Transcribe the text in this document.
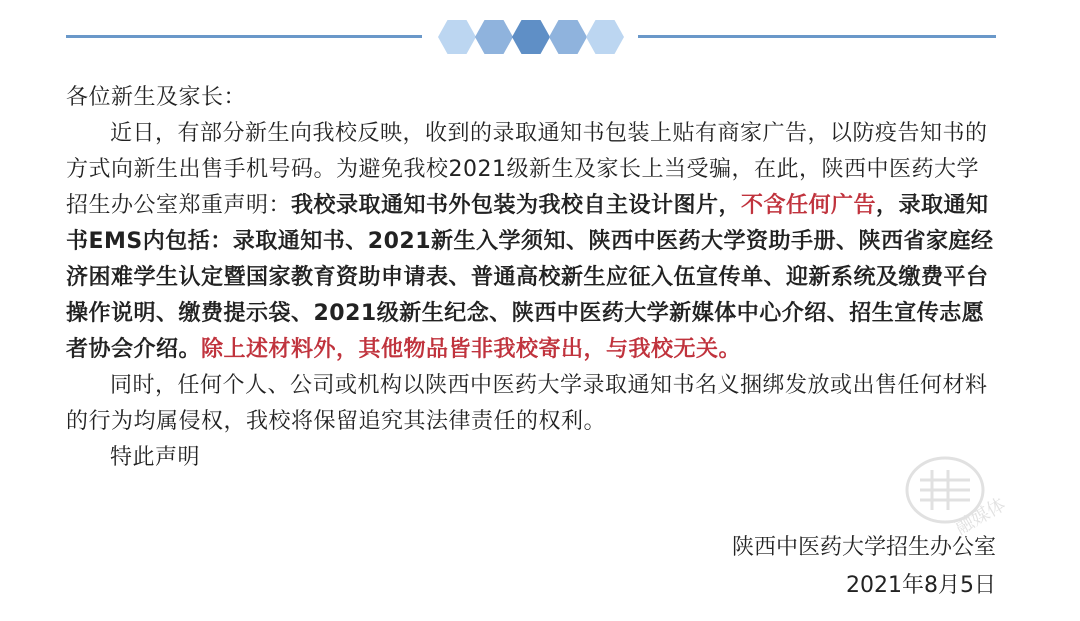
各位新生及家长：

近日，有部分新生向我校反映，收到的录取通知书包装上贴有商家广告，以防疫告知书的方式向新生出售手机号码。为避免我校2021级新生及家长上当受骗，在此，陕西中医药大学招生办公室郑重声明：我校录取通知书外包装为我校自主设计图片，不含任何广告，录取通知书EMS内包括：录取通知书、2021新生入学须知、陕西中医药大学资助手册、陕西省家庭经济困难学生认定暨国家教育资助申请表、普通高校新生应征入伍宣传单、迎新系统及缴费平台操作说明、缴费提示袋、2021级新生纪念、陕西中医药大学新媒体中心介绍、招生宣传志愿者协会介绍。除上述材料外，其他物品皆非我校寄出，与我校无关。

同时，任何个人、公司或机构以陕西中医药大学录取通知书名义捆绑发放或出售任何材料的行为均属侵权，我校将保留追究其法律责任的权利。

特此声明

陕西中医药大学招生办公室
2021年8月5日
融媒体
